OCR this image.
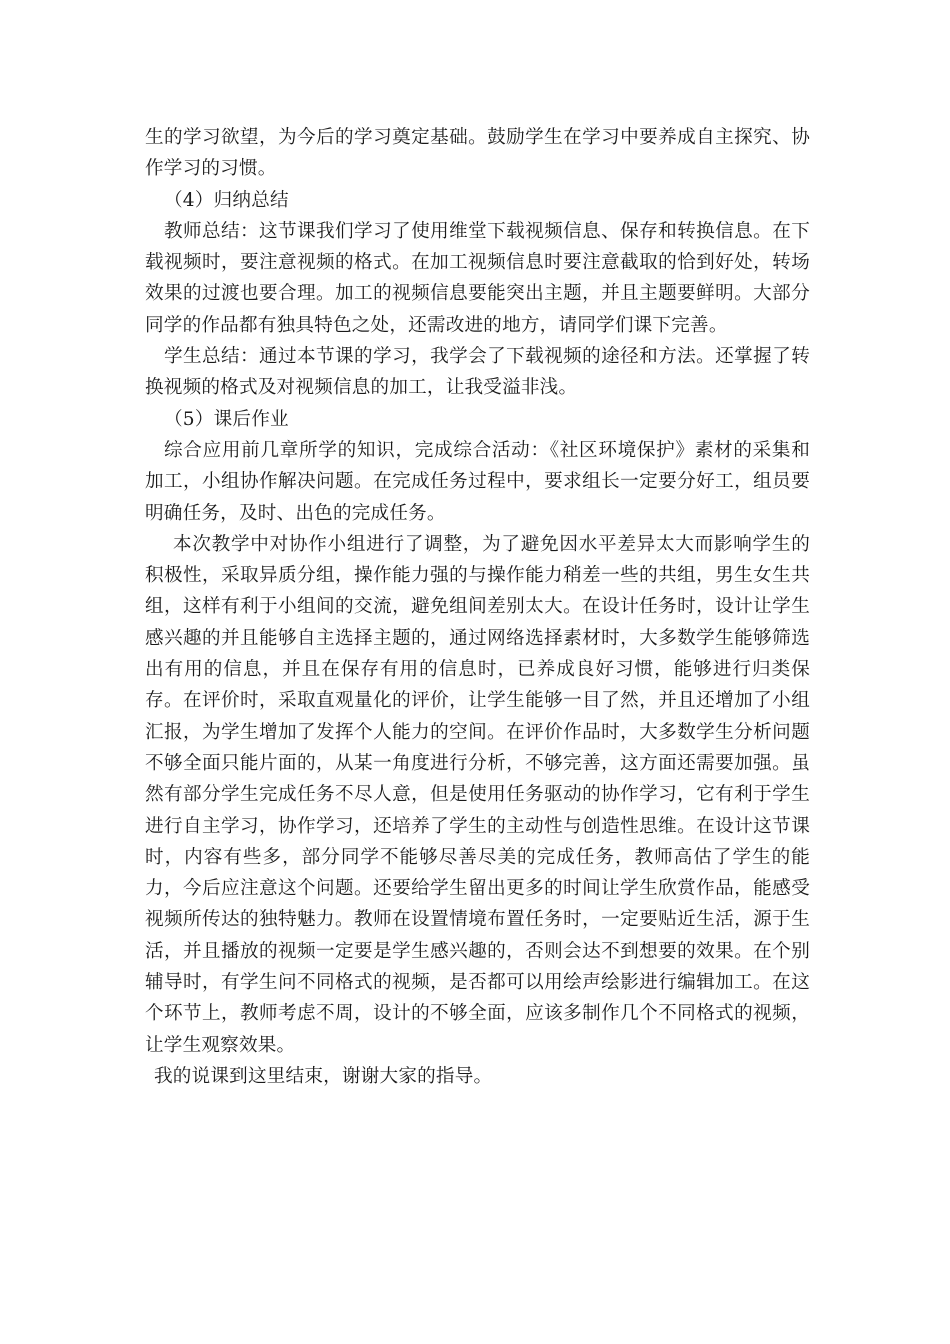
生的学习欲望，为今后的学习奠定基础。鼓励学生在学习中要养成自主探究、协作学习的习惯。

（4）归纳总结

教师总结：这节课我们学习了使用维堂下载视频信息、保存和转换信息。在下载视频时，要注意视频的格式。在加工视频信息时要注意截取的恰到好处，转场效果的过渡也要合理。加工的视频信息要能突出主题，并且主题要鲜明。大部分同学的作品都有独具特色之处，还需改进的地方，请同学们课下完善。

学生总结：通过本节课的学习，我学会了下载视频的途径和方法。还掌握了转换视频的格式及对视频信息的加工，让我受溢非浅。

（5）课后作业

综合应用前几章所学的知识，完成综合活动：《社区环境保护》素材的采集和加工，小组协作解决问题。在完成任务过程中，要求组长一定要分好工，组员要明确任务，及时、出色的完成任务。

本次教学中对协作小组进行了调整，为了避免因水平差异太大而影响学生的积极性，采取异质分组，操作能力强的与操作能力稍差一些的共组，男生女生共组，这样有利于小组间的交流，避免组间差别太大。在设计任务时，设计让学生感兴趣的并且能够自主选择主题的，通过网络选择素材时，大多数学生能够筛选出有用的信息，并且在保存有用的信息时，已养成良好习惯，能够进行归类保存。在评价时，采取直观量化的评价，让学生能够一目了然，并且还增加了小组汇报，为学生增加了发挥个人能力的空间。在评价作品时，大多数学生分析问题不够全面只能片面的，从某一角度进行分析，不够完善，这方面还需要加强。虽然有部分学生完成任务不尽人意，但是使用任务驱动的协作学习，它有利于学生进行自主学习，协作学习，还培养了学生的主动性与创造性思维。在设计这节课时，内容有些多，部分同学不能够尽善尽美的完成任务，教师高估了学生的能力，今后应注意这个问题。还要给学生留出更多的时间让学生欣赏作品，能感受视频所传达的独特魅力。教师在设置情境布置任务时，一定要贴近生活，源于生活，并且播放的视频一定要是学生感兴趣的，否则会达不到想要的效果。在个别辅导时，有学生问不同格式的视频，是否都可以用绘声绘影进行编辑加工。在这个环节上，教师考虑不周，设计的不够全面，应该多制作几个不同格式的视频，让学生观察效果。

我的说课到这里结束，谢谢大家的指导。
